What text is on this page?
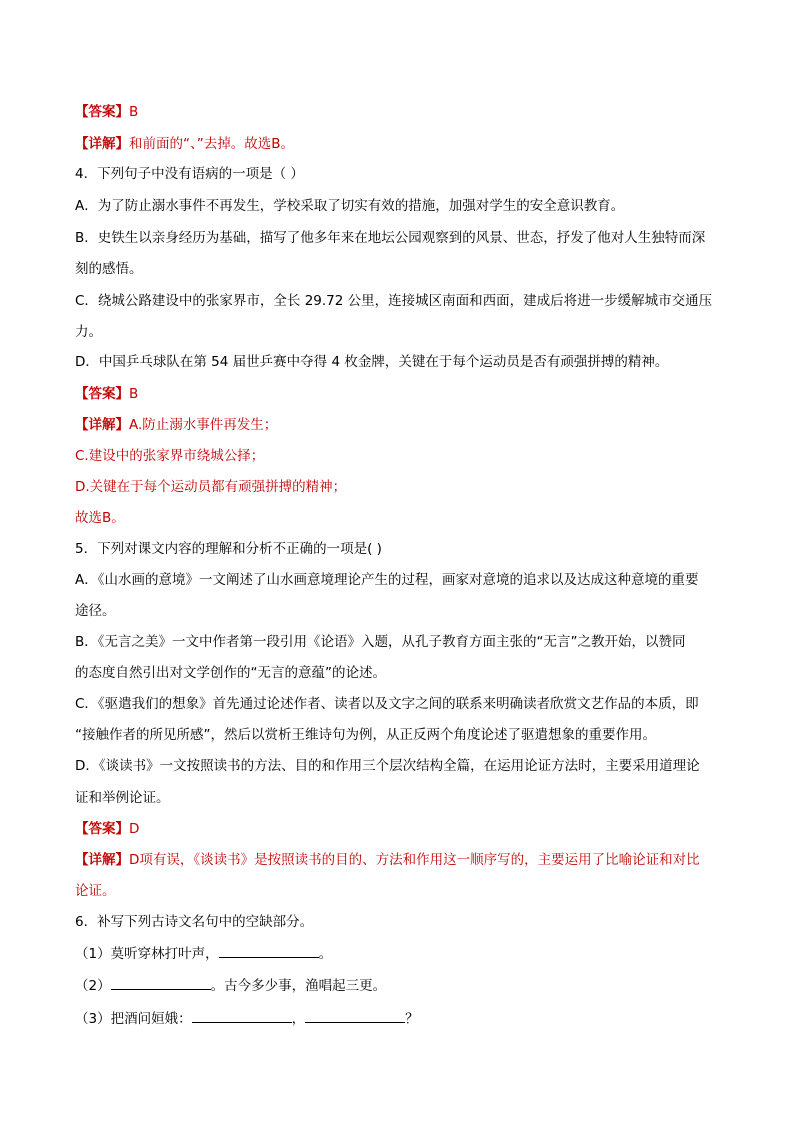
【答案】B
【详解】和前面的“、”去掉。故选B。
4．下列句子中没有语病的一项是（ ）
A．为了防止溺水事件不再发生，学校采取了切实有效的措施，加强对学生的安全意识教育。
B．史铁生以亲身经历为基础，描写了他多年来在地坛公园观察到的风景、世态，抒发了他对人生独特而深
刻的感悟。
C．绕城公路建设中的张家界市，全长 29.72 公里，连接城区南面和西面，建成后将进一步缓解城市交通压
力。
D．中国乒乓球队在第 54 届世乒赛中夺得 4 枚金牌，关键在于每个运动员是否有顽强拼搏的精神。
【答案】B
【详解】A.防止溺水事件再发生；
C.建设中的张家界市绕城公择；
D.关键在于每个运动员都有顽强拼搏的精神；
故选B。
5．下列对课文内容的理解和分析不正确的一项是( )
A．《山水画的意境》一文阐述了山水画意境理论产生的过程，画家对意境的追求以及达成这种意境的重要
途径。
B．《无言之美》一文中作者第一段引用《论语》入题，从孔子教育方面主张的“无言”之教开始，以赞同
的态度自然引出对文学创作的“无言的意蕴”的论述。
C．《驱遣我们的想象》首先通过论述作者、读者以及文字之间的联系来明确读者欣赏文艺作品的本质，即
“接触作者的所见所感”，然后以赏析王维诗句为例，从正反两个角度论述了驱遣想象的重要作用。
D．《谈读书》一文按照读书的方法、目的和作用三个层次结构全篇，在运用论证方法时，主要采用道理论
证和举例论证。
【答案】D
【详解】D项有误，《谈读书》是按照读书的目的、方法和作用这一顺序写的，主要运用了比喻论证和对比
论证。
6．补写下列古诗文名句中的空缺部分。
（1）莫听穿林打叶声，	。
（2）	。古今多少事，渔唱起三更。
（3）把酒问姮娥：	，	？
